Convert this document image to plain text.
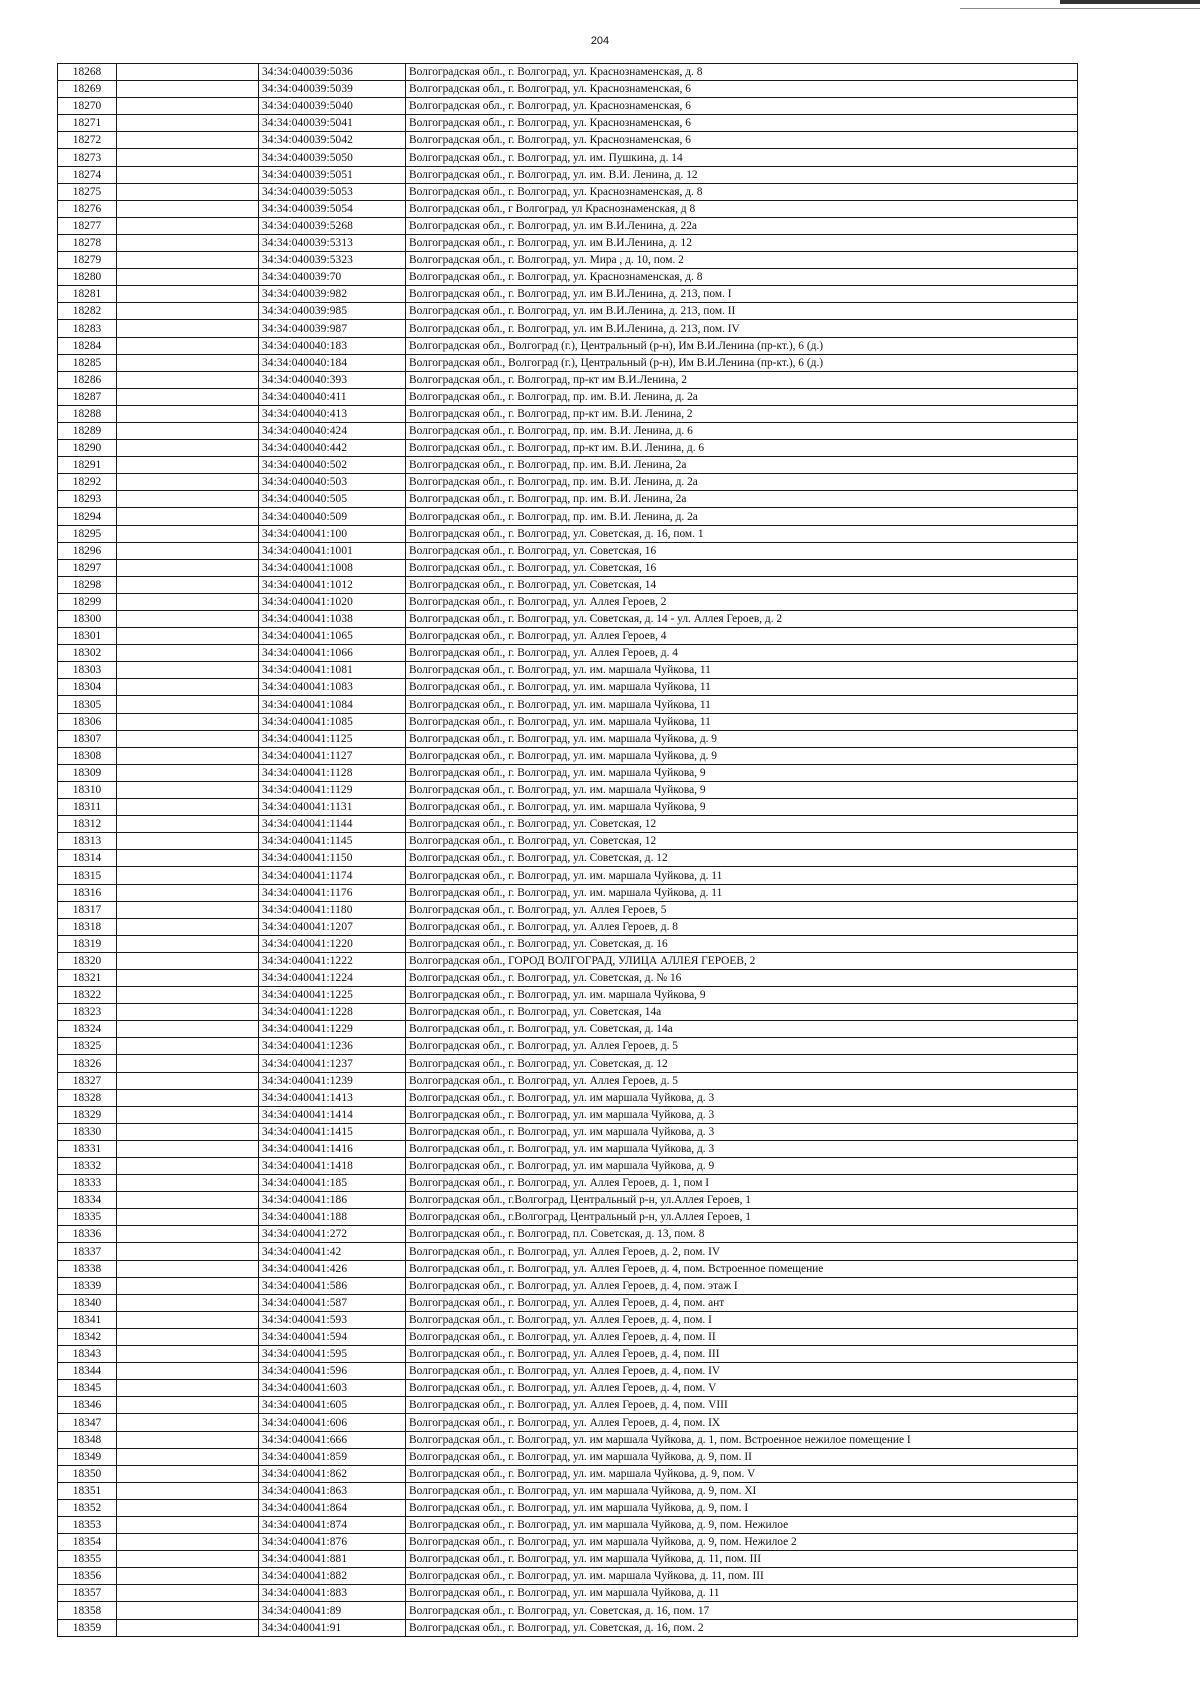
204
18268		34:34:040039:5036	Волгоградская обл., г. Волгоград, ул. Краснознаменская, д. 8
18269		34:34:040039:5039	Волгоградская обл., г. Волгоград, ул. Краснознаменская, 6
18270		34:34:040039:5040	Волгоградская обл., г. Волгоград, ул. Краснознаменская, 6
18271		34:34:040039:5041	Волгоградская обл., г. Волгоград, ул. Краснознаменская, 6
18272		34:34:040039:5042	Волгоградская обл., г. Волгоград, ул. Краснознаменская, 6
18273		34:34:040039:5050	Волгоградская обл., г. Волгоград, ул. им. Пушкина, д. 14
18274		34:34:040039:5051	Волгоградская обл., г. Волгоград, ул. им. В.И. Ленина, д. 12
18275		34:34:040039:5053	Волгоградская обл., г. Волгоград, ул. Краснознаменская, д. 8
18276		34:34:040039:5054	Волгоградская обл., г Волгоград, ул Краснознаменская, д 8
18277		34:34:040039:5268	Волгоградская обл., г. Волгоград, ул. им В.И.Ленина, д. 22а
18278		34:34:040039:5313	Волгоградская обл., г. Волгоград, ул. им В.И.Ленина, д. 12
18279		34:34:040039:5323	Волгоградская обл., г. Волгоград, ул. Мира , д. 10, пом. 2
18280		34:34:040039:70	Волгоградская обл., г. Волгоград, ул. Краснознаменская, д. 8
18281		34:34:040039:982	Волгоградская обл., г. Волгоград, ул. им В.И.Ленина, д. 213, пом. I
18282		34:34:040039:985	Волгоградская обл., г. Волгоград, ул. им В.И.Ленина, д. 213, пом. II
18283		34:34:040039:987	Волгоградская обл., г. Волгоград, ул. им В.И.Ленина, д. 213, пом. IV
18284		34:34:040040:183	Волгоградская обл., Волгоград (г.), Центральный (р-н), Им В.И.Ленина (пр-кт.), 6 (д.)
18285		34:34:040040:184	Волгоградская обл., Волгоград (г.), Центральный (р-н), Им В.И.Ленина (пр-кт.), 6 (д.)
18286		34:34:040040:393	Волгоградская обл., г. Волгоград, пр-кт им В.И.Ленина, 2
18287		34:34:040040:411	Волгоградская обл., г. Волгоград, пр. им. В.И. Ленина, д. 2а
18288		34:34:040040:413	Волгоградская обл., г. Волгоград, пр-кт им. В.И. Ленина, 2
18289		34:34:040040:424	Волгоградская обл., г. Волгоград, пр. им. В.И. Ленина, д. 6
18290		34:34:040040:442	Волгоградская обл., г. Волгоград, пр-кт им. В.И. Ленина, д. 6
18291		34:34:040040:502	Волгоградская обл., г. Волгоград, пр. им. В.И. Ленина, 2а
18292		34:34:040040:503	Волгоградская обл., г. Волгоград, пр. им. В.И. Ленина, д. 2а
18293		34:34:040040:505	Волгоградская обл., г. Волгоград, пр. им. В.И. Ленина, 2а
18294		34:34:040040:509	Волгоградская обл., г. Волгоград, пр. им. В.И. Ленина, д. 2а
18295		34:34:040041:100	Волгоградская обл., г. Волгоград, ул. Советская, д. 16, пом. 1
18296		34:34:040041:1001	Волгоградская обл., г. Волгоград, ул. Советская, 16
18297		34:34:040041:1008	Волгоградская обл., г. Волгоград, ул. Советская, 16
18298		34:34:040041:1012	Волгоградская обл., г. Волгоград, ул. Советская, 14
18299		34:34:040041:1020	Волгоградская обл., г. Волгоград, ул. Аллея Героев, 2
18300		34:34:040041:1038	Волгоградская обл., г. Волгоград, ул. Советская, д. 14 - ул. Аллея Героев, д. 2
18301		34:34:040041:1065	Волгоградская обл., г. Волгоград, ул. Аллея Героев, 4
18302		34:34:040041:1066	Волгоградская обл., г. Волгоград, ул. Аллея Героев, д. 4
18303		34:34:040041:1081	Волгоградская обл., г. Волгоград, ул. им. маршала Чуйкова, 11
18304		34:34:040041:1083	Волгоградская обл., г. Волгоград, ул. им. маршала Чуйкова, 11
18305		34:34:040041:1084	Волгоградская обл., г. Волгоград, ул. им. маршала Чуйкова, 11
18306		34:34:040041:1085	Волгоградская обл., г. Волгоград, ул. им. маршала Чуйкова, 11
18307		34:34:040041:1125	Волгоградская обл., г. Волгоград, ул. им. маршала Чуйкова, д. 9
18308		34:34:040041:1127	Волгоградская обл., г. Волгоград, ул. им. маршала Чуйкова, д. 9
18309		34:34:040041:1128	Волгоградская обл., г. Волгоград, ул. им. маршала Чуйкова, 9
18310		34:34:040041:1129	Волгоградская обл., г. Волгоград, ул. им. маршала Чуйкова, 9
18311		34:34:040041:1131	Волгоградская обл., г. Волгоград, ул. им. маршала Чуйкова, 9
18312		34:34:040041:1144	Волгоградская обл., г. Волгоград, ул. Советская, 12
18313		34:34:040041:1145	Волгоградская обл., г. Волгоград, ул. Советская, 12
18314		34:34:040041:1150	Волгоградская обл., г. Волгоград, ул. Советская, д. 12
18315		34:34:040041:1174	Волгоградская обл., г. Волгоград, ул. им. маршала Чуйкова, д. 11
18316		34:34:040041:1176	Волгоградская обл., г. Волгоград, ул. им. маршала Чуйкова, д. 11
18317		34:34:040041:1180	Волгоградская обл., г. Волгоград, ул. Аллея Героев, 5
18318		34:34:040041:1207	Волгоградская обл., г. Волгоград, ул. Аллея Героев, д. 8
18319		34:34:040041:1220	Волгоградская обл., г. Волгоград, ул. Советская, д. 16
18320		34:34:040041:1222	Волгоградская обл., ГОРОД ВОЛГОГРАД, УЛИЦА АЛЛЕЯ ГЕРОЕВ, 2
18321		34:34:040041:1224	Волгоградская обл., г. Волгоград, ул. Советская, д. № 16
18322		34:34:040041:1225	Волгоградская обл., г. Волгоград, ул. им. маршала Чуйкова, 9
18323		34:34:040041:1228	Волгоградская обл., г. Волгоград, ул. Советская, 14а
18324		34:34:040041:1229	Волгоградская обл., г. Волгоград, ул. Советская, д. 14а
18325		34:34:040041:1236	Волгоградская обл., г. Волгоград, ул. Аллея Героев, д. 5
18326		34:34:040041:1237	Волгоградская обл., г. Волгоград, ул. Советская, д. 12
18327		34:34:040041:1239	Волгоградская обл., г. Волгоград, ул. Аллея Героев, д. 5
18328		34:34:040041:1413	Волгоградская обл., г. Волгоград, ул. им маршала Чуйкова, д. 3
18329		34:34:040041:1414	Волгоградская обл., г. Волгоград, ул. им маршала Чуйкова, д. 3
18330		34:34:040041:1415	Волгоградская обл., г. Волгоград, ул. им маршала Чуйкова, д. 3
18331		34:34:040041:1416	Волгоградская обл., г. Волгоград, ул. им маршала Чуйкова, д. 3
18332		34:34:040041:1418	Волгоградская обл., г. Волгоград, ул. им маршала Чуйкова, д. 9
18333		34:34:040041:185	Волгоградская обл., г. Волгоград, ул. Аллея Героев, д. 1, пом I
18334		34:34:040041:186	Волгоградская обл., г.Волгоград, Центральный р-н, ул.Аллея Героев, 1
18335		34:34:040041:188	Волгоградская обл., г.Волгоград, Центральный р-н, ул.Аллея Героев, 1
18336		34:34:040041:272	Волгоградская обл., г. Волгоград, пл. Советская, д. 13, пом. 8
18337		34:34:040041:42	Волгоградская обл., г. Волгоград, ул. Аллея Героев, д. 2, пом. IV
18338		34:34:040041:426	Волгоградская обл., г. Волгоград, ул. Аллея Героев, д. 4, пом. Встроенное помещение
18339		34:34:040041:586	Волгоградская обл., г. Волгоград, ул. Аллея Героев, д. 4, пом. этаж I
18340		34:34:040041:587	Волгоградская обл., г. Волгоград, ул. Аллея Героев, д. 4, пом. ант
18341		34:34:040041:593	Волгоградская обл., г. Волгоград, ул. Аллея Героев, д. 4, пом. I
18342		34:34:040041:594	Волгоградская обл., г. Волгоград, ул. Аллея Героев, д. 4, пом. II
18343		34:34:040041:595	Волгоградская обл., г. Волгоград, ул. Аллея Героев, д. 4, пом. III
18344		34:34:040041:596	Волгоградская обл., г. Волгоград, ул. Аллея Героев, д. 4, пом. IV
18345		34:34:040041:603	Волгоградская обл., г. Волгоград, ул. Аллея Героев, д. 4, пом. V
18346		34:34:040041:605	Волгоградская обл., г. Волгоград, ул. Аллея Героев, д. 4, пом. VIII
18347		34:34:040041:606	Волгоградская обл., г. Волгоград, ул. Аллея Героев, д. 4, пом. IX
18348		34:34:040041:666	Волгоградская обл., г. Волгоград, ул. им маршала Чуйкова, д. 1, пом. Встроенное нежилое помещение I
18349		34:34:040041:859	Волгоградская обл., г. Волгоград, ул. им маршала Чуйкова, д. 9, пом. II
18350		34:34:040041:862	Волгоградская обл., г. Волгоград, ул. им. маршала Чуйкова, д. 9, пом. V
18351		34:34:040041:863	Волгоградская обл., г. Волгоград, ул. им маршала Чуйкова, д. 9, пом. XI
18352		34:34:040041:864	Волгоградская обл., г. Волгоград, ул. им маршала Чуйкова, д. 9, пом. I
18353		34:34:040041:874	Волгоградская обл., г. Волгоград, ул. им маршала Чуйкова, д. 9, пом. Нежилое
18354		34:34:040041:876	Волгоградская обл., г. Волгоград, ул. им маршала Чуйкова, д. 9, пом. Нежилое 2
18355		34:34:040041:881	Волгоградская обл., г. Волгоград, ул. им маршала Чуйкова, д. 11, пом. III
18356		34:34:040041:882	Волгоградская обл., г. Волгоград, ул. им. маршала Чуйкова, д. 11, пом. III
18357		34:34:040041:883	Волгоградская обл., г. Волгоград, ул. им маршала Чуйкова, д. 11
18358		34:34:040041:89	Волгоградская обл., г. Волгоград, ул. Советская, д. 16, пом. 17
18359		34:34:040041:91	Волгоградская обл., г. Волгоград, ул. Советская, д. 16, пом. 2
